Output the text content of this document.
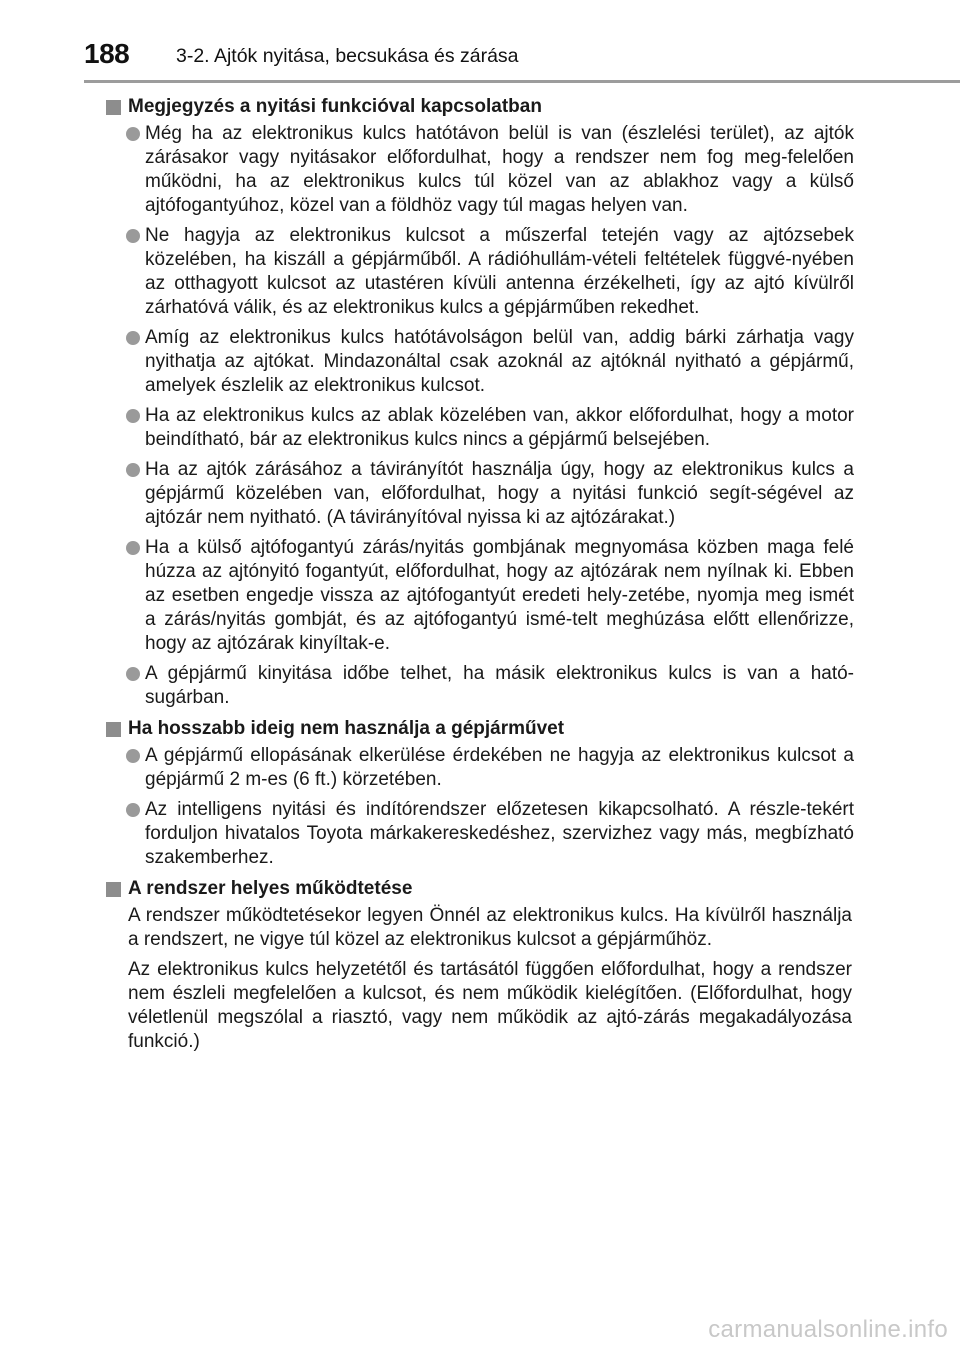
188 3-2. Ajtók nyitása, becsukása és zárása
Megjegyzés a nyitási funkcióval kapcsolatban
Még ha az elektronikus kulcs hatótávon belül is van (észlelési terület), az ajtók zárásakor vagy nyitásakor előfordulhat, hogy a rendszer nem fog meg-felelően működni, ha az elektronikus kulcs túl közel van az ablakhoz vagy a külső ajtófogantyúhoz, közel van a földhöz vagy túl magas helyen van.
Ne hagyja az elektronikus kulcsot a műszerfal tetején vagy az ajtózsebek közelében, ha kiszáll a gépjárműből. A rádióhullám-vételi feltételek függvé-nyében az otthagyott kulcsot az utastéren kívüli antenna érzékelheti, így az ajtó kívülről zárhatóvá válik, és az elektronikus kulcs a gépjárműben rekedhet.
Amíg az elektronikus kulcs hatótávolságon belül van, addig bárki zárhatja vagy nyithatja az ajtókat. Mindazonáltal csak azoknál az ajtóknál nyitható a gépjármű, amelyek észlelik az elektronikus kulcsot.
Ha az elektronikus kulcs az ablak közelében van, akkor előfordulhat, hogy a motor beindítható, bár az elektronikus kulcs nincs a gépjármű belsejében.
Ha az ajtók zárásához a távirányítót használja úgy, hogy az elektronikus kulcs a gépjármű közelében van, előfordulhat, hogy a nyitási funkció segít-ségével az ajtózár nem nyitható. (A távirányítóval nyissa ki az ajtózárakat.)
Ha a külső ajtófogantyú zárás/nyitás gombjának megnyomása közben maga felé húzza az ajtónyitó fogantyút, előfordulhat, hogy az ajtózárak nem nyílnak ki. Ebben az esetben engedje vissza az ajtófogantyút eredeti hely-zetébe, nyomja meg ismét a zárás/nyitás gombját, és az ajtófogantyú ismé-telt meghúzása előtt ellenőrizze, hogy az ajtózárak kinyíltak-e.
A gépjármű kinyitása időbe telhet, ha másik elektronikus kulcs is van a ható-sugárban.
Ha hosszabb ideig nem használja a gépjárművet
A gépjármű ellopásának elkerülése érdekében ne hagyja az elektronikus kulcsot a gépjármű 2 m-es (6 ft.) körzetében.
Az intelligens nyitási és indítórendszer előzetesen kikapcsolható. A részle-tekért forduljon hivatalos Toyota márkakereskedéshez, szervizhez vagy más, megbízható szakemberhez.
A rendszer helyes működtetése
A rendszer működtetésekor legyen Önnél az elektronikus kulcs. Ha kívülről használja a rendszert, ne vigye túl közel az elektronikus kulcsot a gépjárműhöz.
Az elektronikus kulcs helyzetétől és tartásától függően előfordulhat, hogy a rendszer nem észleli megfelelően a kulcsot, és nem működik kielégítően. (Előfordulhat, hogy véletlenül megszólal a riasztó, vagy nem működik az ajtó-zárás megakadályozása funkció.)
carmanualsonline.info
